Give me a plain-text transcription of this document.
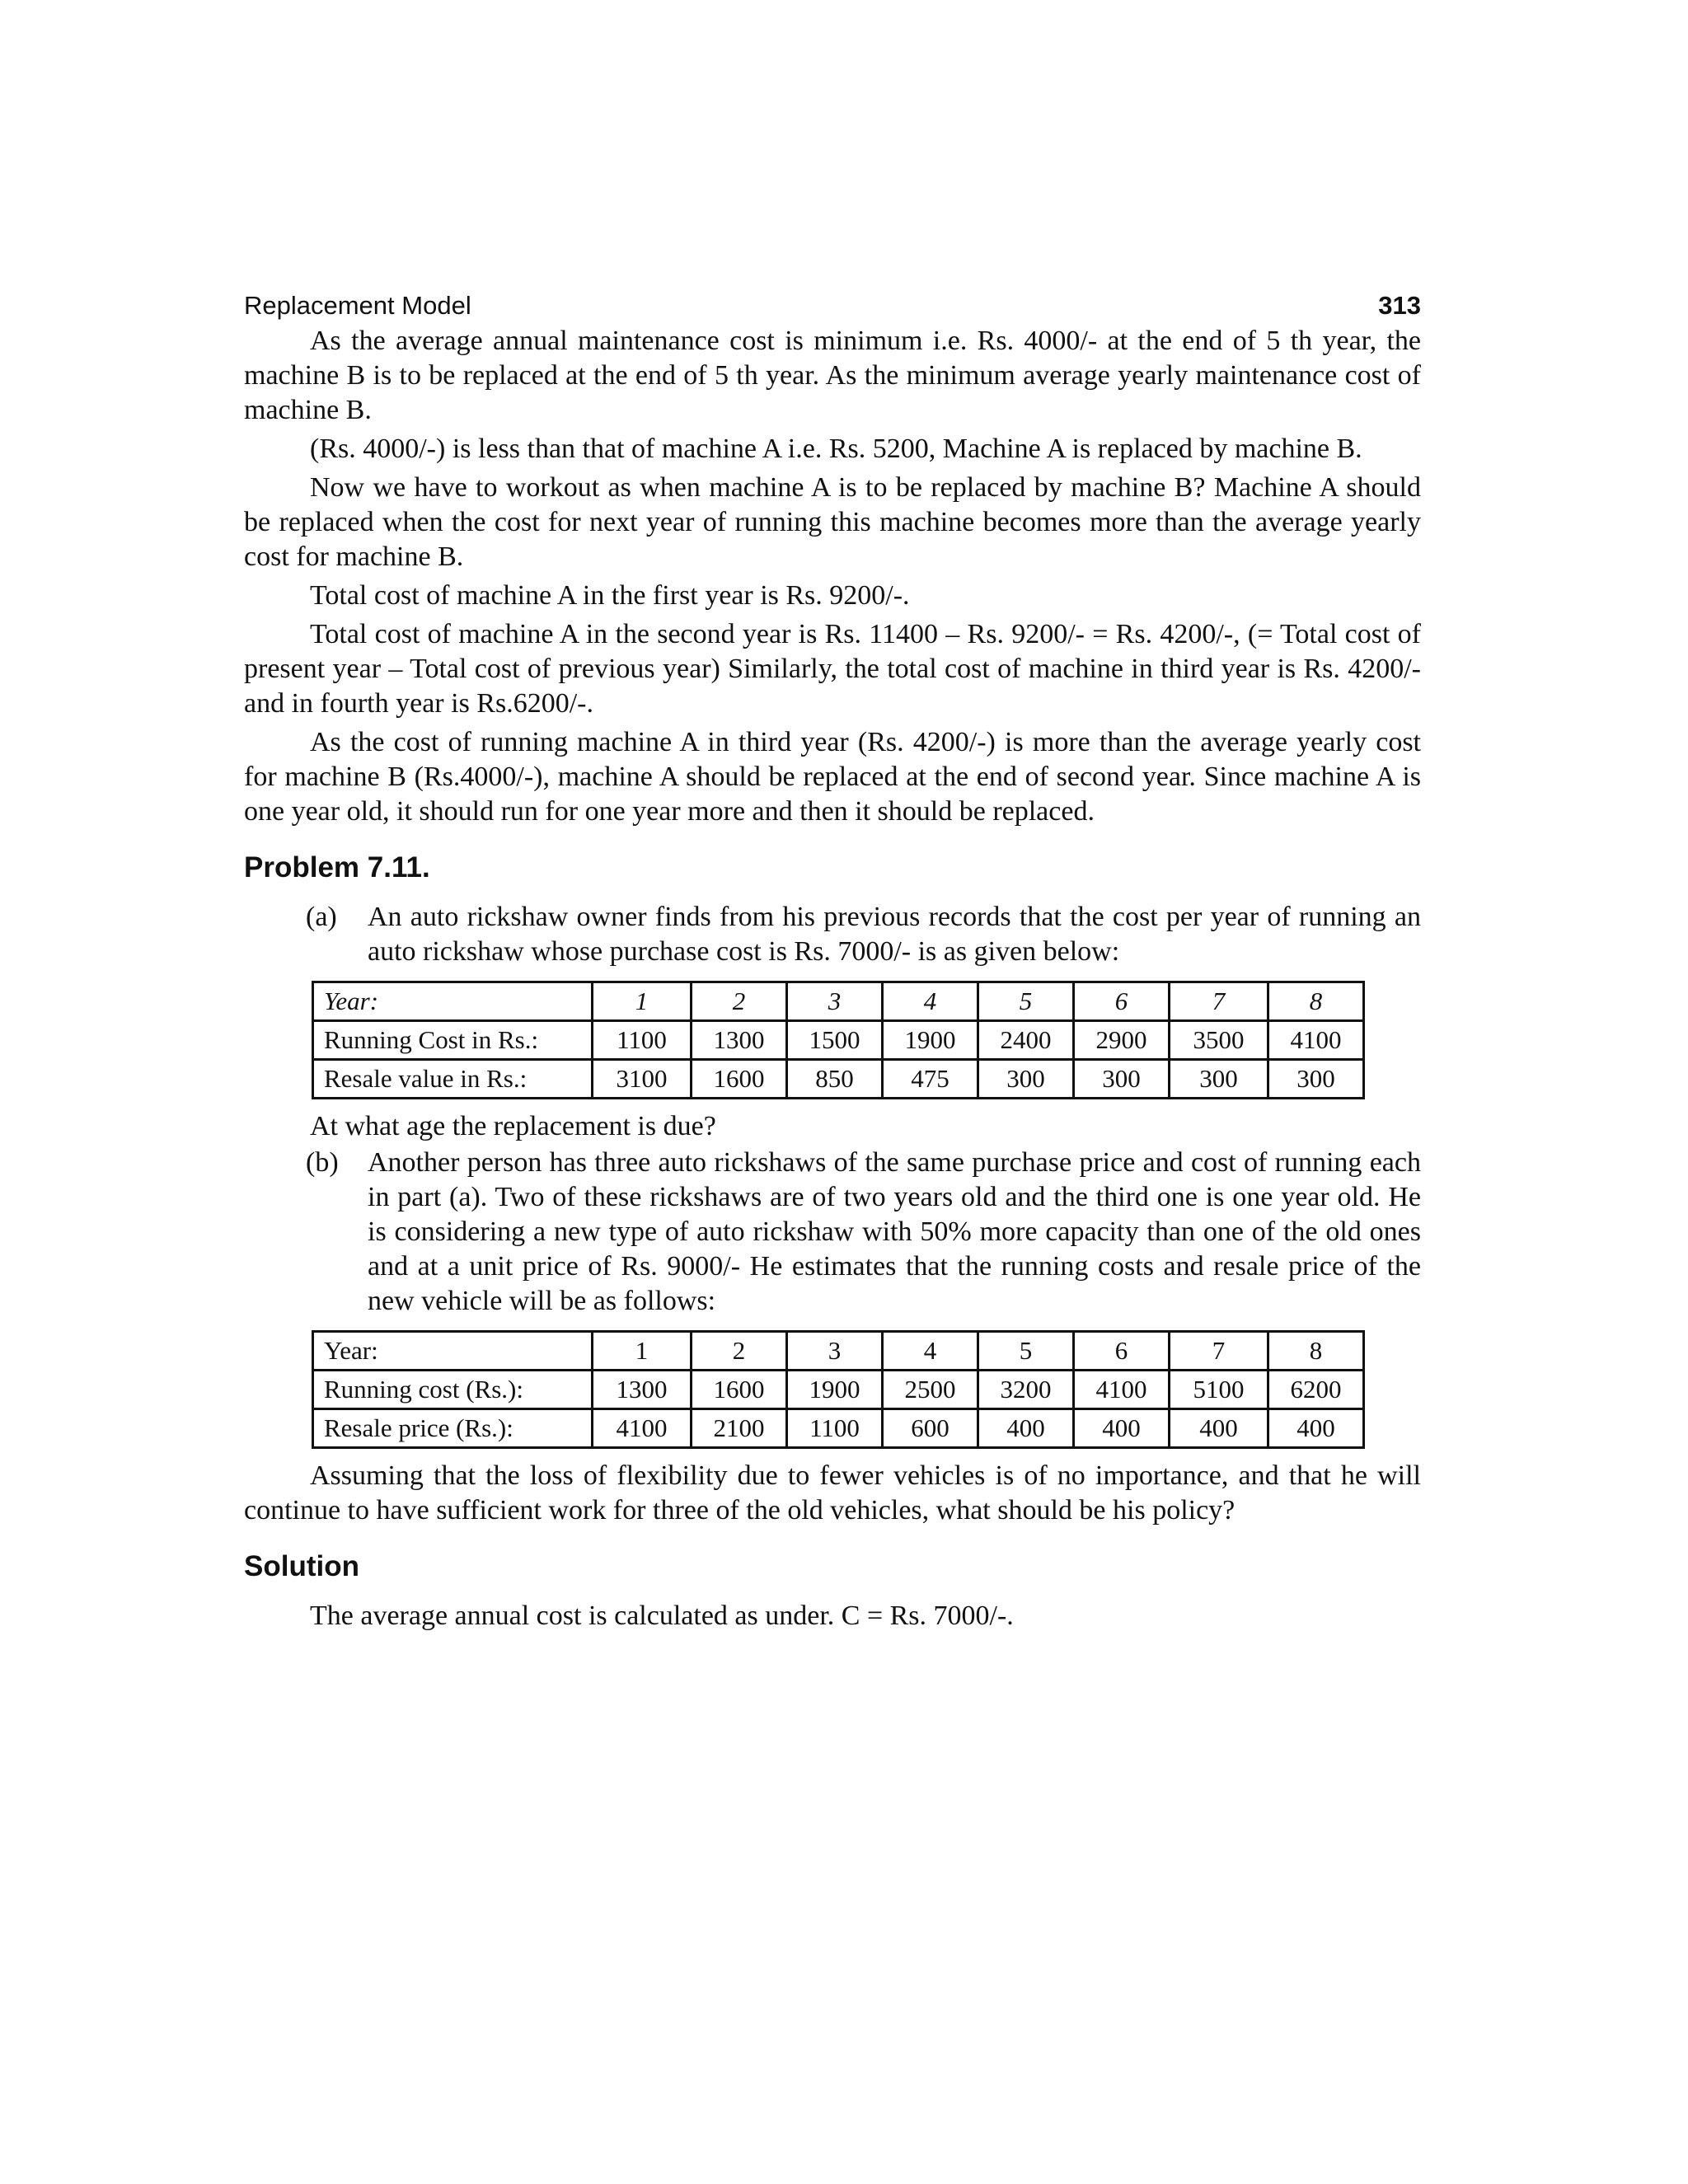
Replacement Model	313

As the average annual maintenance cost is minimum i.e. Rs. 4000/- at the end of 5 th year, the machine B is to be replaced at the end of 5 th year. As the minimum average yearly maintenance cost of machine B.

(Rs. 4000/-) is less than that of machine A i.e. Rs. 5200, Machine A is replaced by machine B.

Now we have to workout as when machine A is to be replaced by machine B? Machine A should be replaced when the cost for next year of running this machine becomes more than the average yearly cost for machine B.

Total cost of machine A in the first year is Rs. 9200/-.

Total cost of machine A in the second year is Rs. 11400 – Rs. 9200/- = Rs. 4200/-, (= Total cost of present year – Total cost of previous year) Similarly, the total cost of machine in third year is Rs. 4200/- and in fourth year is Rs.6200/-.

As the cost of running machine A in third year (Rs. 4200/-) is more than the average yearly cost for machine B (Rs.4000/-), machine A should be replaced at the end of second year. Since machine A is one year old, it should run for one year more and then it should be replaced.

Problem 7.11.
(a) An auto rickshaw owner finds from his previous records that the cost per year of running an auto rickshaw whose purchase cost is Rs. 7000/- is as given below:
Year:	1	2	3	4	5	6	7	8
Running Cost in Rs.:	1100	1300	1500	1900	2400	2900	3500	4100
Resale value in Rs.:	3100	1600	850	475	300	300	300	300

At what age the replacement is due?

(b) Another person has three auto rickshaws of the same purchase price and cost of running each in part (a). Two of these rickshaws are of two years old and the third one is one year old. He is considering a new type of auto rickshaw with 50% more capacity than one of the old ones and at a unit price of Rs. 9000/- He estimates that the running costs and resale price of the new vehicle will be as follows:
Year:	1	2	3	4	5	6	7	8
Running cost (Rs.):	1300	1600	1900	2500	3200	4100	5100	6200
Resale price (Rs.):	4100	2100	1100	600	400	400	400	400

Assuming that the loss of flexibility due to fewer vehicles is of no importance, and that he will continue to have sufficient work for three of the old vehicles, what should be his policy?

Solution

The average annual cost is calculated as under. C = Rs. 7000/-.
